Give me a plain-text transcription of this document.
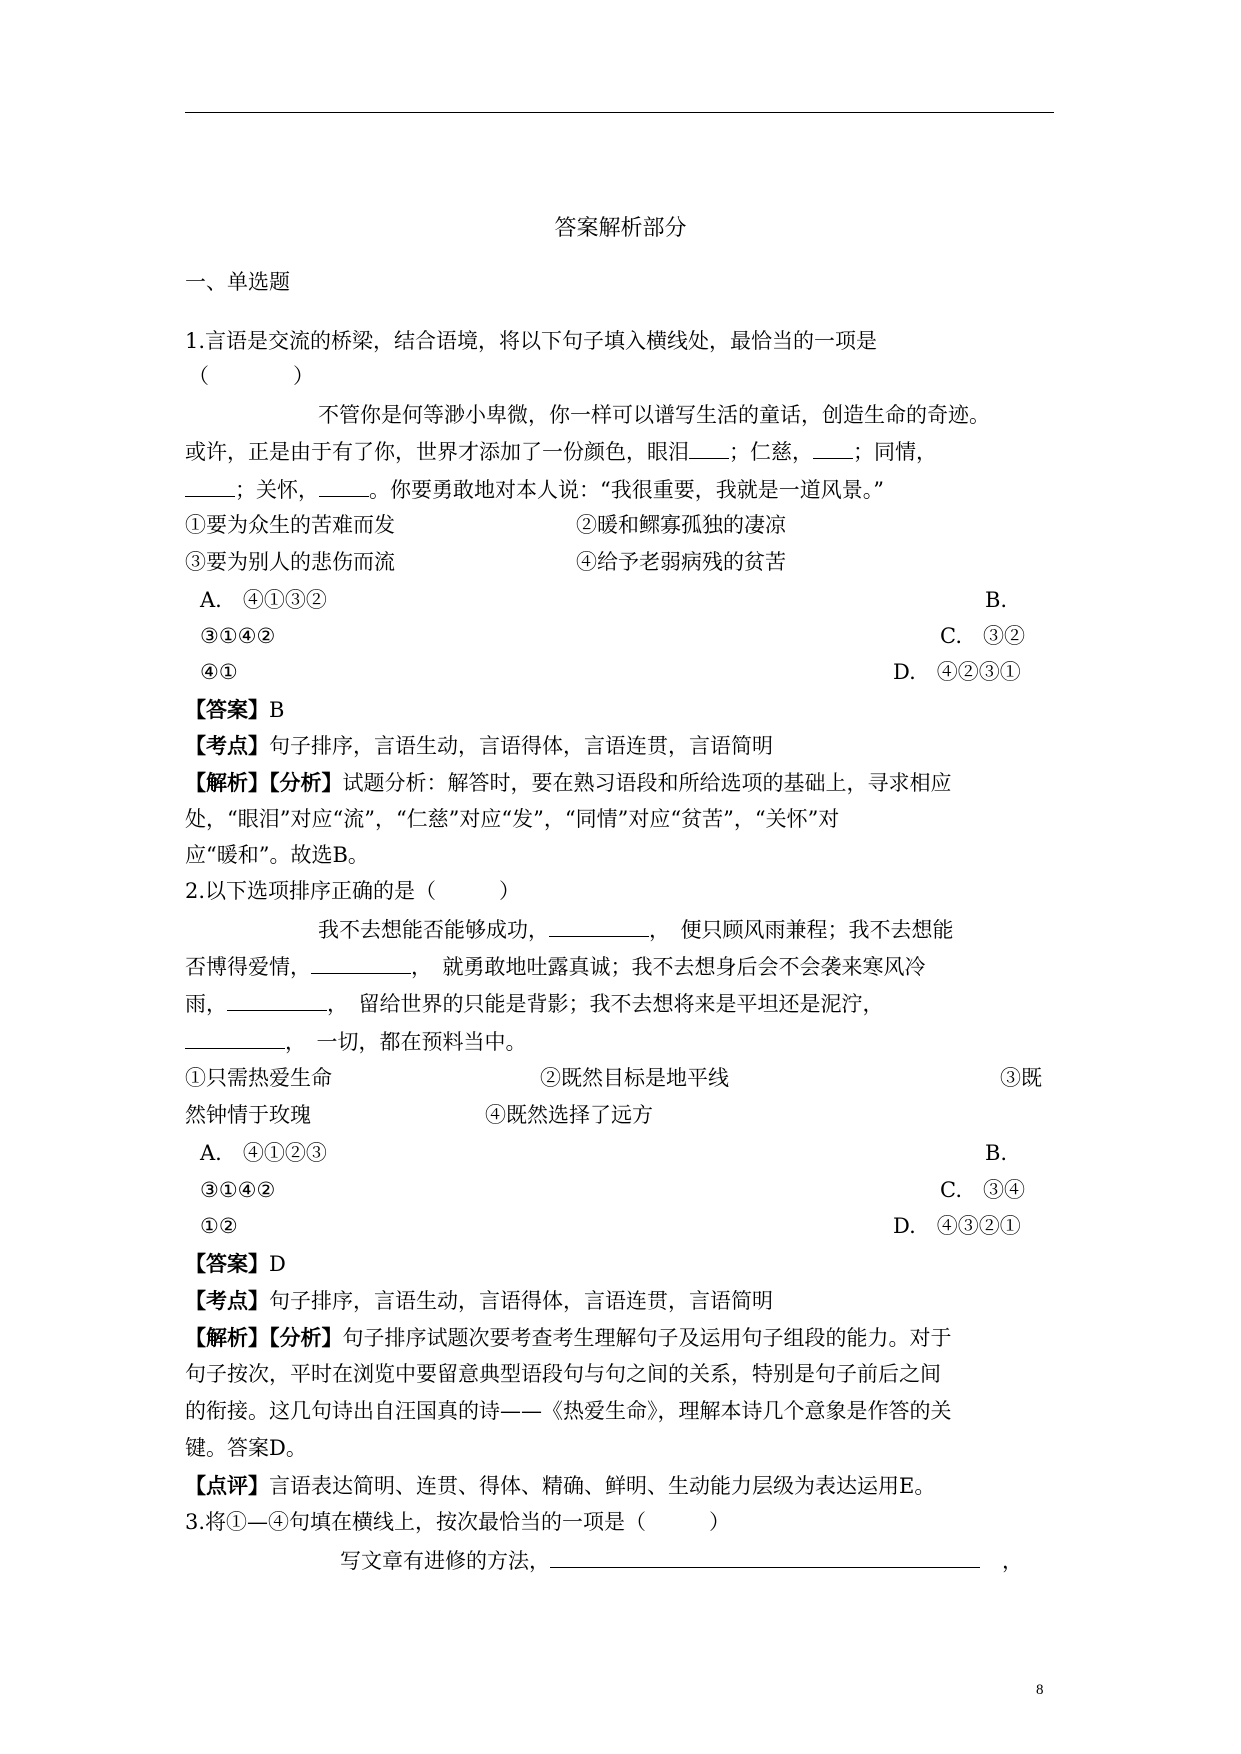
答案解析部分
一、单选题
1.言语是交流的桥梁，结合语境，将以下句子填入横线处，最恰当的一项是
（　　　　）
不管你是何等渺小卑微，你一样可以谱写生活的童话，创造生命的奇迹。
或许，正是由于有了你，世界才添加了一份颜色，眼泪 ；仁慈， ；同情，
；关怀， 。你要勇敢地对本人说：“我很重要，我就是一道风景。”
①要为众生的苦难而发	②暖和鳏寡孤独的凄凉
③要为别人的悲伤而流	④给予老弱病残的贫苦
A.　④①③②	B.
③①④②	C.　③②
④①	D.　④②③①
【答案】B
【考点】句子排序，言语生动，言语得体，言语连贯，言语简明
【解析】【分析】试题分析：解答时，要在熟习语段和所给选项的基础上，寻求相应
处，“眼泪”对应“流”，“仁慈”对应“发”，“同情”对应“贫苦”，“关怀”对
应“暖和”。故选B。
2.以下选项排序正确的是（　　　）
我不去想能否能够成功，	，　便只顾风雨兼程；我不去想能
否博得爱情，	，　就勇敢地吐露真诚；我不去想身后会不会袭来寒风冷
雨，	，　留给世界的只能是背影；我不去想将来是平坦还是泥泞，
，　一切，都在预料当中。
①只需热爱生命	②既然目标是地平线	③既
然钟情于玫瑰	④既然选择了远方
A.　④①②③	B.
③①④②	C.　③④
①②	D.　④③②①
【答案】D
【考点】句子排序，言语生动，言语得体，言语连贯，言语简明
【解析】【分析】句子排序试题次要考查考生理解句子及运用句子组段的能力。对于
句子按次，平时在浏览中要留意典型语段句与句之间的关系，特别是句子前后之间
的衔接。这几句诗出自汪国真的诗——《热爱生命》，理解本诗几个意象是作答的关
键。答案D。
【点评】言语表达简明、连贯、得体、精确、鲜明、生动能力层级为表达运用E。
3.将①—④句填在横线上，按次最恰当的一项是（　　　）
写文章有进修的方法，	，
8
